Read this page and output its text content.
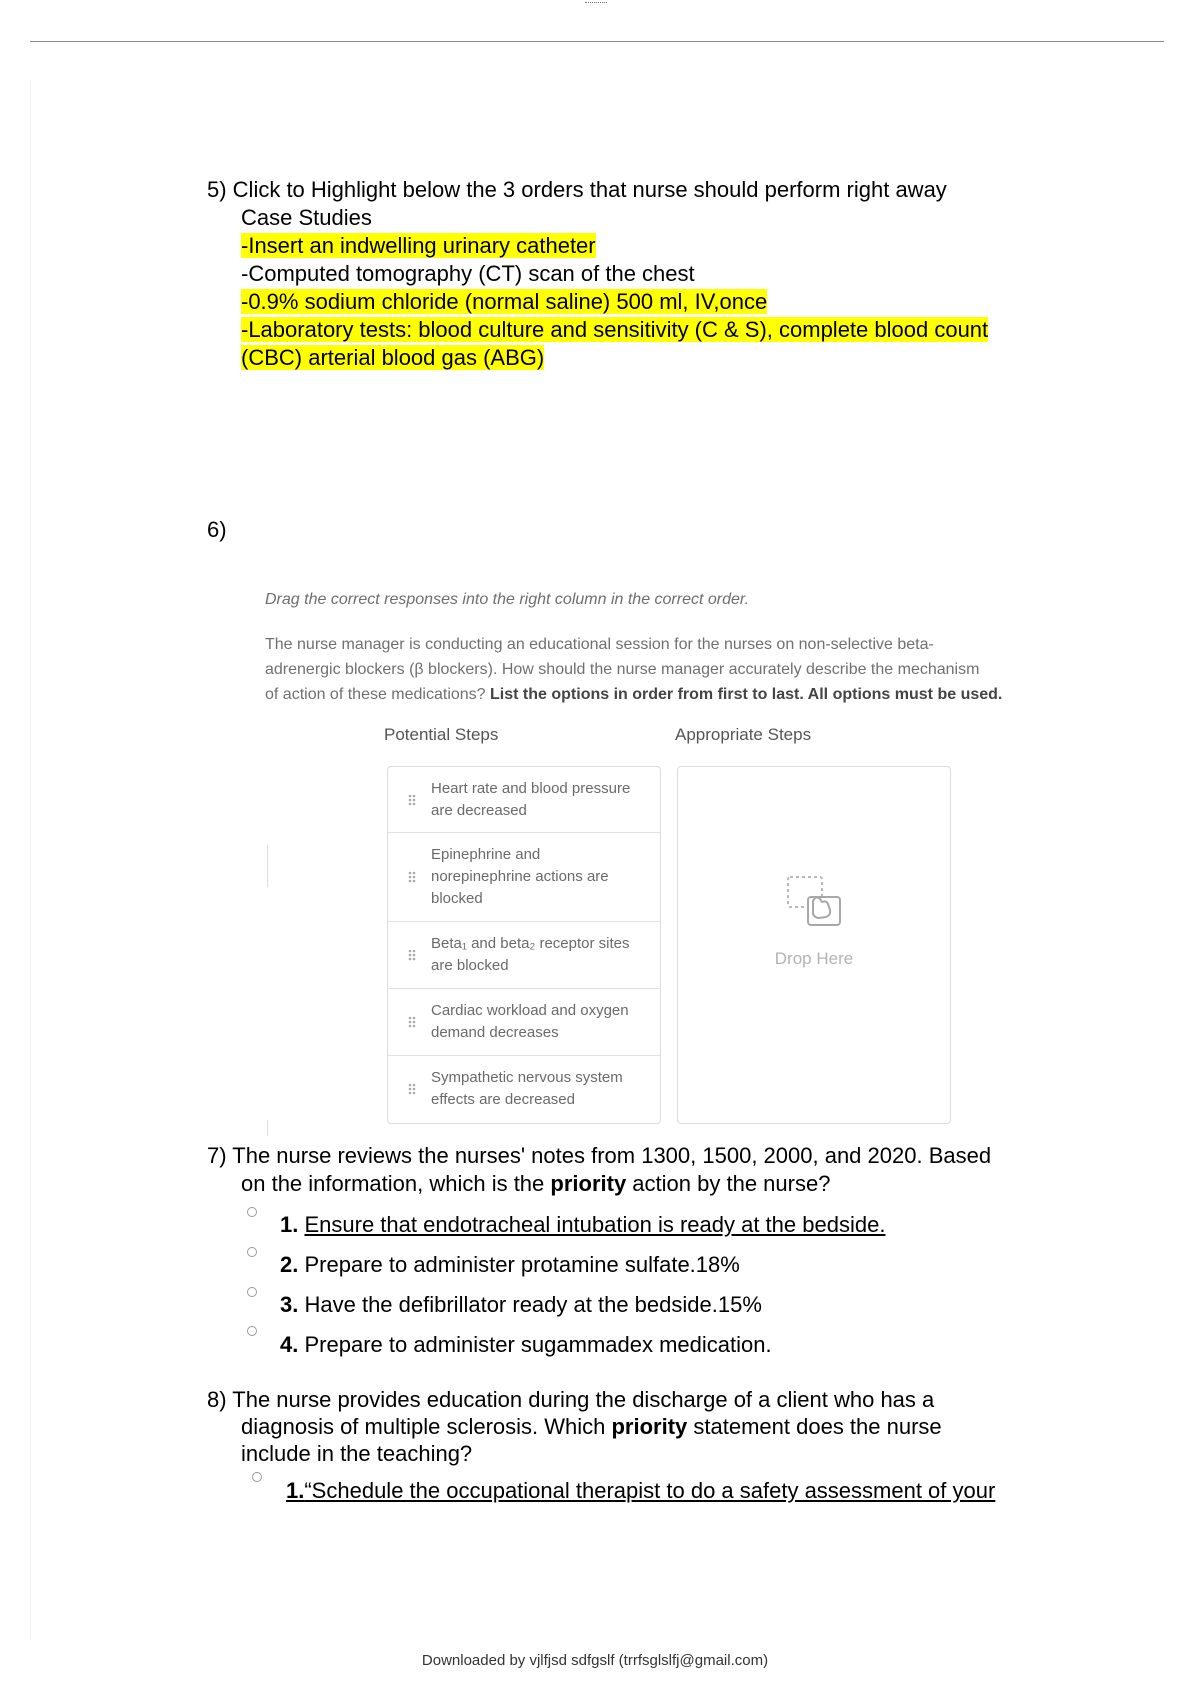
5) Click to Highlight below the 3 orders that nurse should perform right away
Case Studies
-Insert an indwelling urinary catheter
-Computed tomography (CT) scan of the chest
-0.9% sodium chloride (normal saline) 500 ml, IV,once
-Laboratory tests: blood culture and sensitivity (C & S), complete blood count
(CBC) arterial blood gas (ABG)
6)
Drag the correct responses into the right column in the correct order.
The nurse manager is conducting an educational session for the nurses on non-selective beta-
adrenergic blockers (β blockers). How should the nurse manager accurately describe the mechanism
of action of these medications? List the options in order from first to last. All options must be used.
Potential Steps	Appropriate Steps
Heart rate and blood pressure
are decreased
Epinephrine and
norepinephrine actions are
blocked
Beta₁ and beta₂ receptor sites
are blocked
Cardiac workload and oxygen
demand decreases
Sympathetic nervous system
effects are decreased
Drop Here
7) The nurse reviews the nurses' notes from 1300, 1500, 2000, and 2020. Based
on the information, which is the priority action by the nurse?
1. Ensure that endotracheal intubation is ready at the bedside.
2. Prepare to administer protamine sulfate.18%
3. Have the defibrillator ready at the bedside.15%
4. Prepare to administer sugammadex medication.
8) The nurse provides education during the discharge of a client who has a
diagnosis of multiple sclerosis. Which priority statement does the nurse
include in the teaching?
1.“Schedule the occupational therapist to do a safety assessment of your
Downloaded by vjlfjsd sdfgslf (trrfsglslfj@gmail.com)
